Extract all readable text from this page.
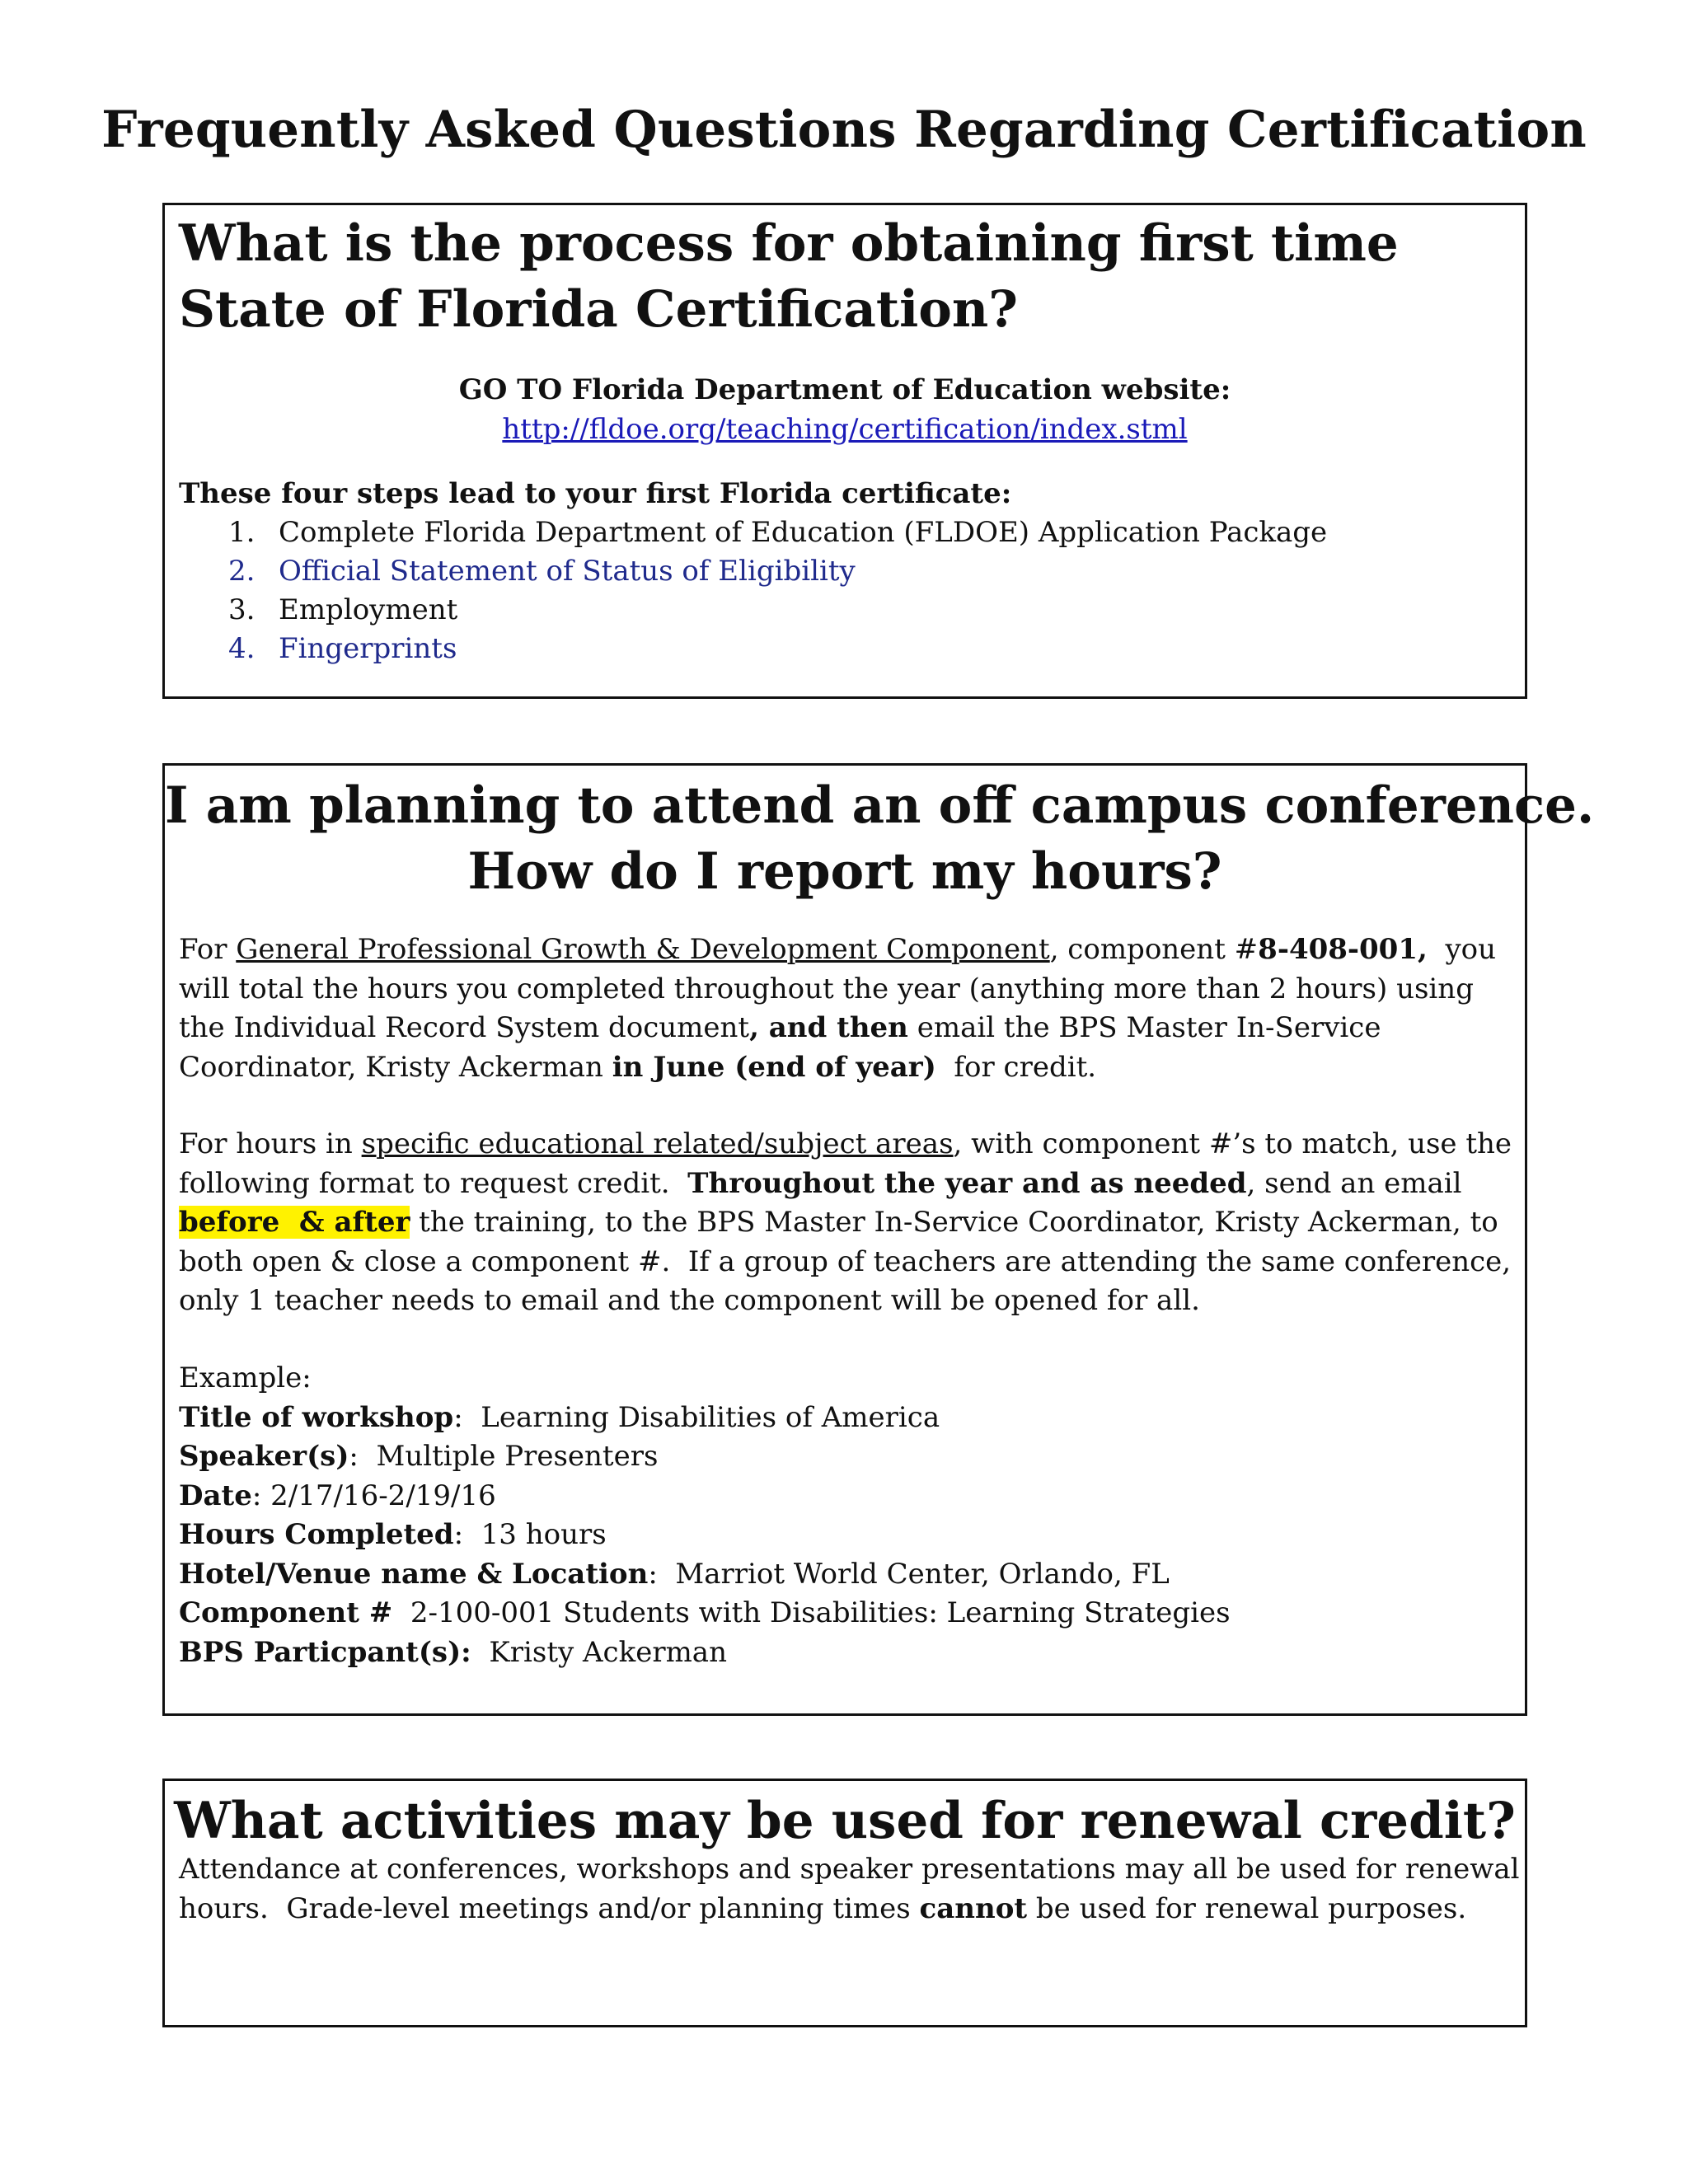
Frequently Asked Questions Regarding Certification
What is the process for obtaining first time State of Florida Certification?
GO TO Florida Department of Education website:
http://fldoe.org/teaching/certification/index.stml
These four steps lead to your first Florida certificate:
1. Complete Florida Department of Education (FLDOE) Application Package
2. Official Statement of Status of Eligibility
3. Employment
4. Fingerprints
I am planning to attend an off campus conference.
How do I report my hours?
For General Professional Growth & Development Component, component #8-408-001,  you
will total the hours you completed throughout the year (anything more than 2 hours) using
the Individual Record System document, and then email the BPS Master In-Service
Coordinator, Kristy Ackerman in June (end of year)  for credit.
For hours in specific educational related/subject areas, with component #’s to match, use the
following format to request credit.  Throughout the year and as needed, send an email
before  & after the training, to the BPS Master In-Service Coordinator, Kristy Ackerman, to
both open & close a component #.  If a group of teachers are attending the same conference,
only 1 teacher needs to email and the component will be opened for all.
Example:
Title of workshop:  Learning Disabilities of America
Speaker(s):  Multiple Presenters
Date: 2/17/16-2/19/16
Hours Completed:  13 hours
Hotel/Venue name & Location:  Marriot World Center, Orlando, FL
Component # 2-100-001 Students with Disabilities: Learning Strategies
BPS Particpant(s): Kristy Ackerman
What activities may be used for renewal credit?
Attendance at conferences, workshops and speaker presentations may all be used for renewal
hours.  Grade-level meetings and/or planning times cannot be used for renewal purposes.
